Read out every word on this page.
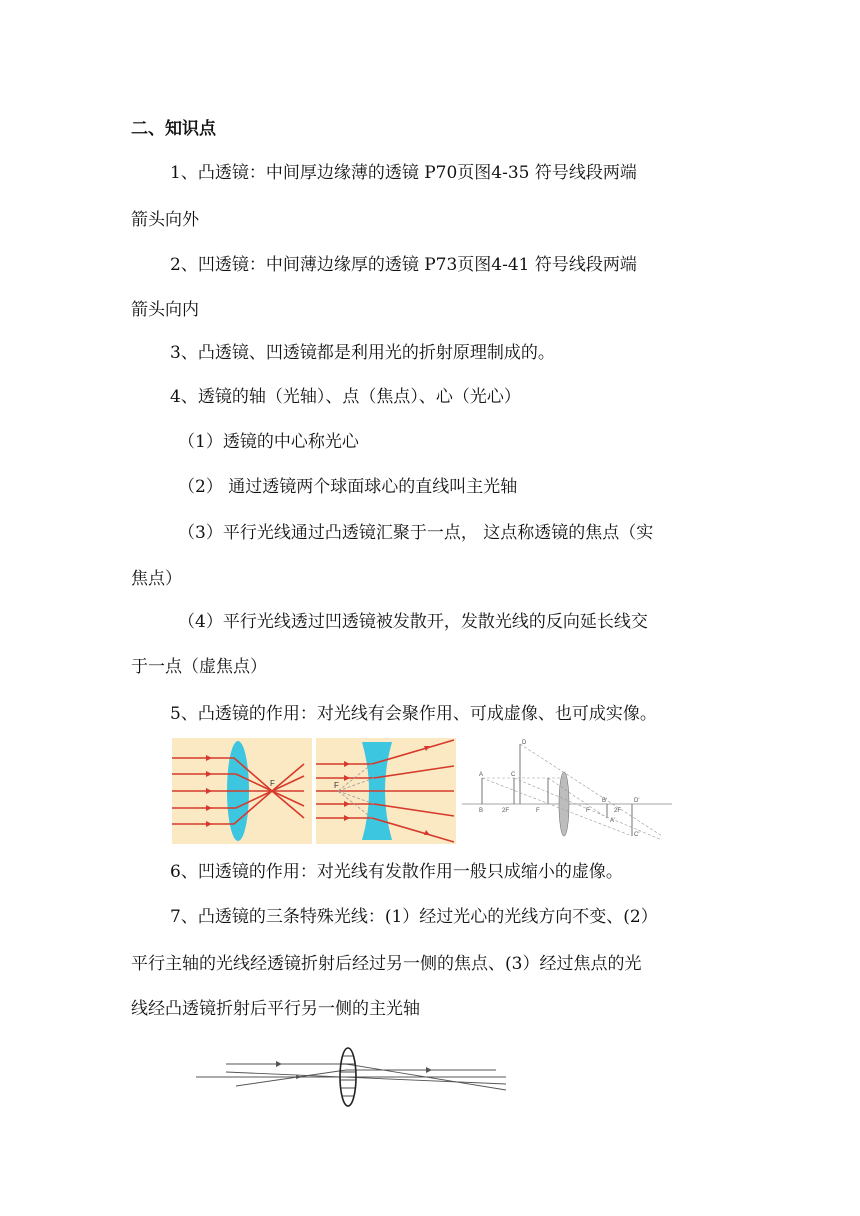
二、知识点
1、凸透镜：中间厚边缘薄的透镜 P70页图4-35 符号线段两端
箭头向外
2、凹透镜：中间薄边缘厚的透镜 P73页图4-41 符号线段两端
箭头向内
3、凸透镜、凹透镜都是利用光的折射原理制成的。
4、透镜的轴（光轴）、点（焦点）、心（光心）
（1）透镜的中心称光心
（2） 通过透镜两个球面球心的直线叫主光轴
（3）平行光线通过凸透镜汇聚于一点， 这点称透镜的焦点（实
焦点）
（4）平行光线透过凹透镜被发散开，发散光线的反向延长线交
于一点（虚焦点）
5、凸透镜的作用：对光线有会聚作用、可成虚像、也可成实像。
F	F
A
B
C
D
2F	F	F	2F
A'
B'
C'
D'
6、凹透镜的作用：对光线有发散作用一般只成缩小的虚像。
7、凸透镜的三条特殊光线：(1）经过光心的光线方向不变、(2）
平行主轴的光线经透镜折射后经过另一侧的焦点、(3）经过焦点的光
线经凸透镜折射后平行另一侧的主光轴
